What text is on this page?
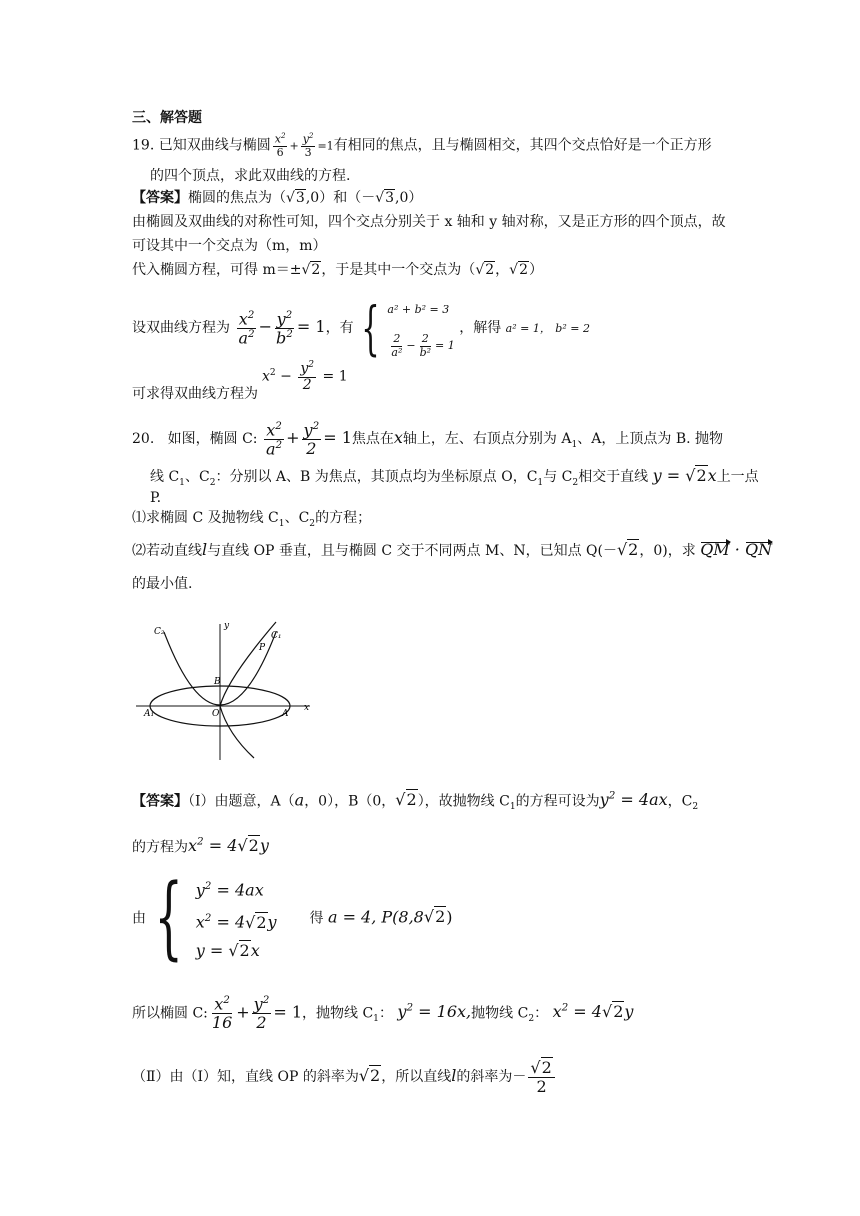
三、解答题
19. 已知双曲线与椭圆 $\frac{x^2}{6} + \frac{y^2}{3} =1$有相同的焦点，且与椭圆相交，其四个交点恰好是一个正方形
的四个顶点，求此双曲线的方程.
【答案】椭圆的焦点为（√3,0）和（－√3,0）
由椭圆及双曲线的对称性可知，四个交点分别关于 x 轴和 y 轴对称，又是正方形的四个顶点，故
可设其中一个交点为（m，m）
代入椭圆方程，可得 m＝±√2，于是其中一个交点为（√2，√2）
设双曲线方程为 $\frac{x^2}{a^2} - \frac{y^2}{b^2} = 1$，有 { a² + b² = 3
$\frac{2}{\text{a²}} - \frac{2}{\text{b²}} = 1$
，解得 a² = 1， b² = 2
$x^2 - \frac{y^2}{2} = 1$
可求得双曲线方程为
20. 如图，椭圆 C: $\frac{x^2}{a^2} + \frac{y^2}{2} = 1$焦点在x轴上，左、右顶点分别为 $A_1$、A，上顶点为 B. 抛物
线 $C_1$、$C_2$：分别以 A、B 为焦点，其顶点均为坐标原点 O，$C_1$与 $C_2$相交于直线 y = √2x上一点
P.
⑴求椭圆 C 及抛物线 $C_1$、$C_2$的方程；
⑵若动直线l与直线 OP 垂直，且与椭圆 C 交于不同两点 M、N，已知点 Q(－√2，0)，求 QM · QN
的最小值.
C₂	C₁
P
B
O
A₁	A
x
y
【答案】（Ⅰ）由题意，A（a，0），B（0，√2），故抛物线 $C_1$的方程可设为$y^2 = 4ax$，$C_2$
的方程为$x^2 = 4√2y$
由{ $y^2 = 4ax$
$x^2 = 4√2y$
y = √2x
得 a = 4, P(8,8√2)
所以椭圆 C: $\frac{x^2}{16} + \frac{y^2}{2} = 1$，抛物线 $C_1$： $y^2 = 16x$,抛物线 $C_2$： $x^2 = 4√2y$
（Ⅱ）由（Ⅰ）知，直线 OP 的斜率为√2，所以直线l的斜率为－ $\frac{√2}{2}$
